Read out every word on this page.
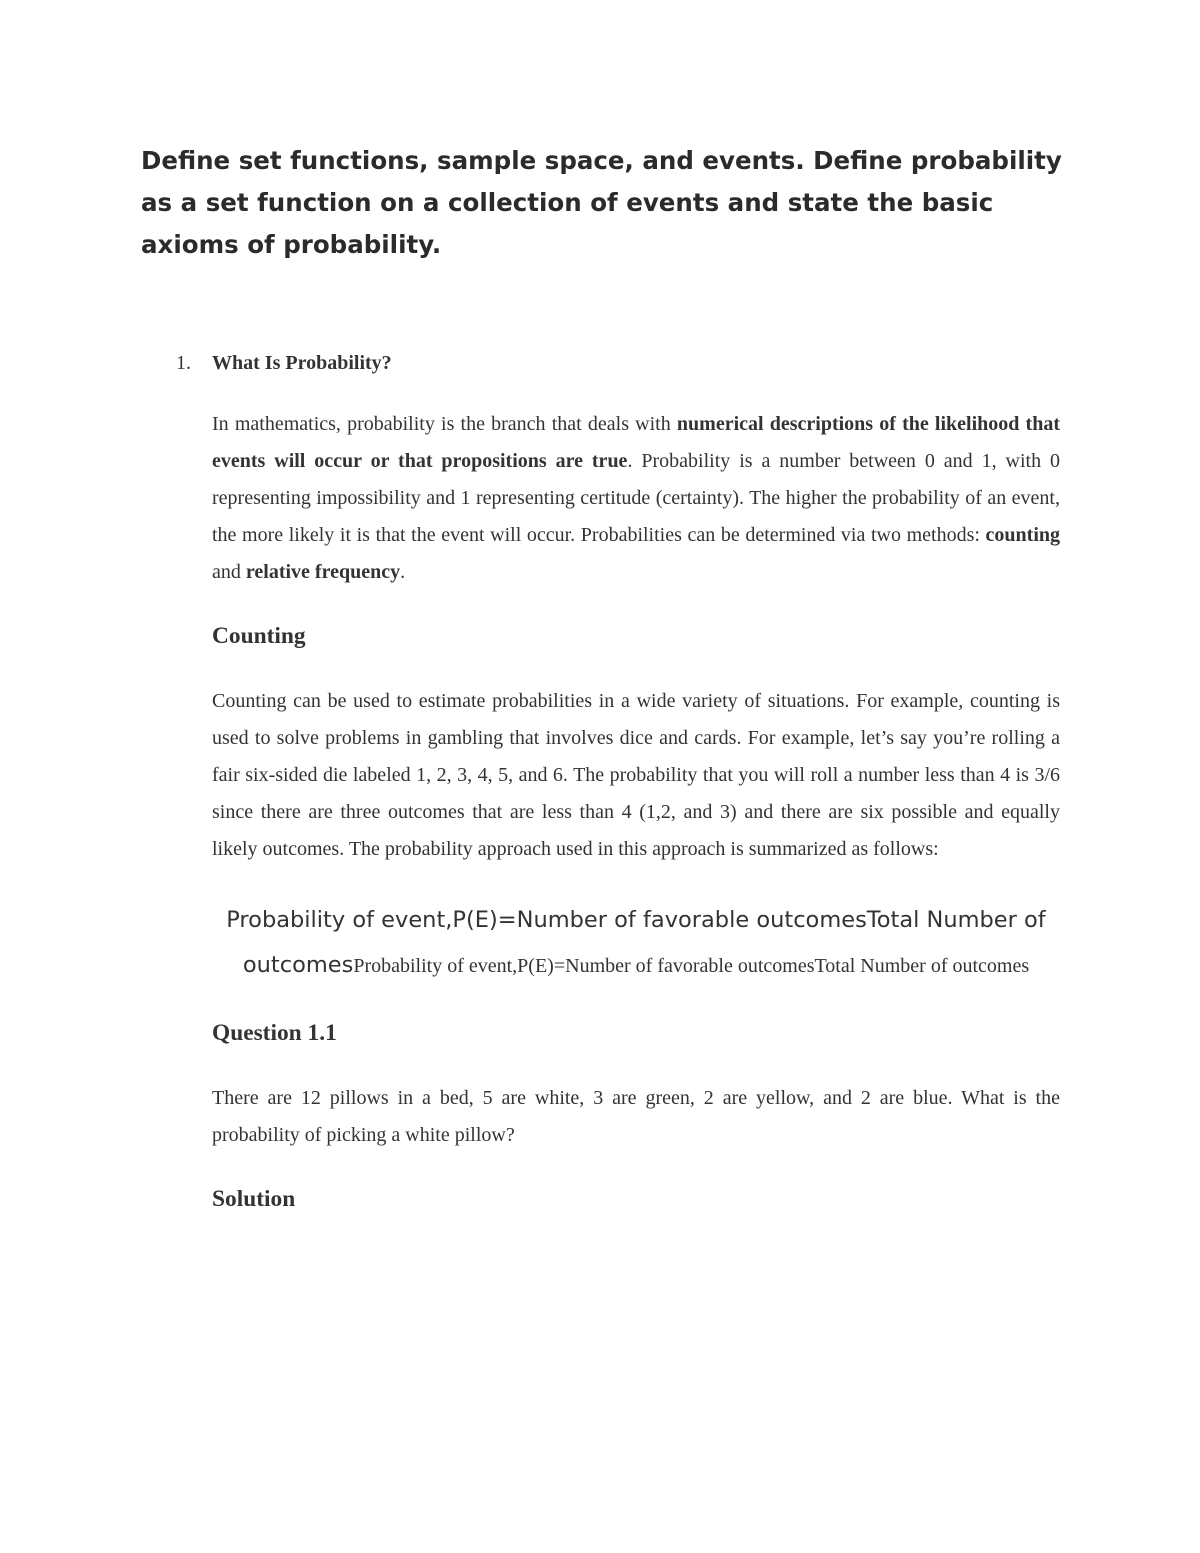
Define set functions, sample space, and events. Define probability as a set function on a collection of events and state the basic axioms of probability.
1.	What Is Probability?

In mathematics, probability is the branch that deals with numerical descriptions of the likelihood that events will occur or that propositions are true. Probability is a number between 0 and 1, with 0 representing impossibility and 1 representing certitude (certainty). The higher the probability of an event, the more likely it is that the event will occur. Probabilities can be determined via two methods: counting and relative frequency.

Counting

Counting can be used to estimate probabilities in a wide variety of situations. For example, counting is used to solve problems in gambling that involves dice and cards. For example, let’s say you’re rolling a fair six-sided die labeled 1, 2, 3, 4, 5, and 6. The probability that you will roll a number less than 4 is 3/6 since there are three outcomes that are less than 4 (1,2, and 3) and there are six possible and equally likely outcomes. The probability approach used in this approach is summarized as follows:

Probability of event,P(E)=Number of favorable outcomesTotal Number of outcomesProbability of event,P(E)=Number of favorable outcomesTotal Number of outcomes

Question 1.1

There are 12 pillows in a bed, 5 are white, 3 are green, 2 are yellow, and 2 are blue. What is the probability of picking a white pillow?

Solution
